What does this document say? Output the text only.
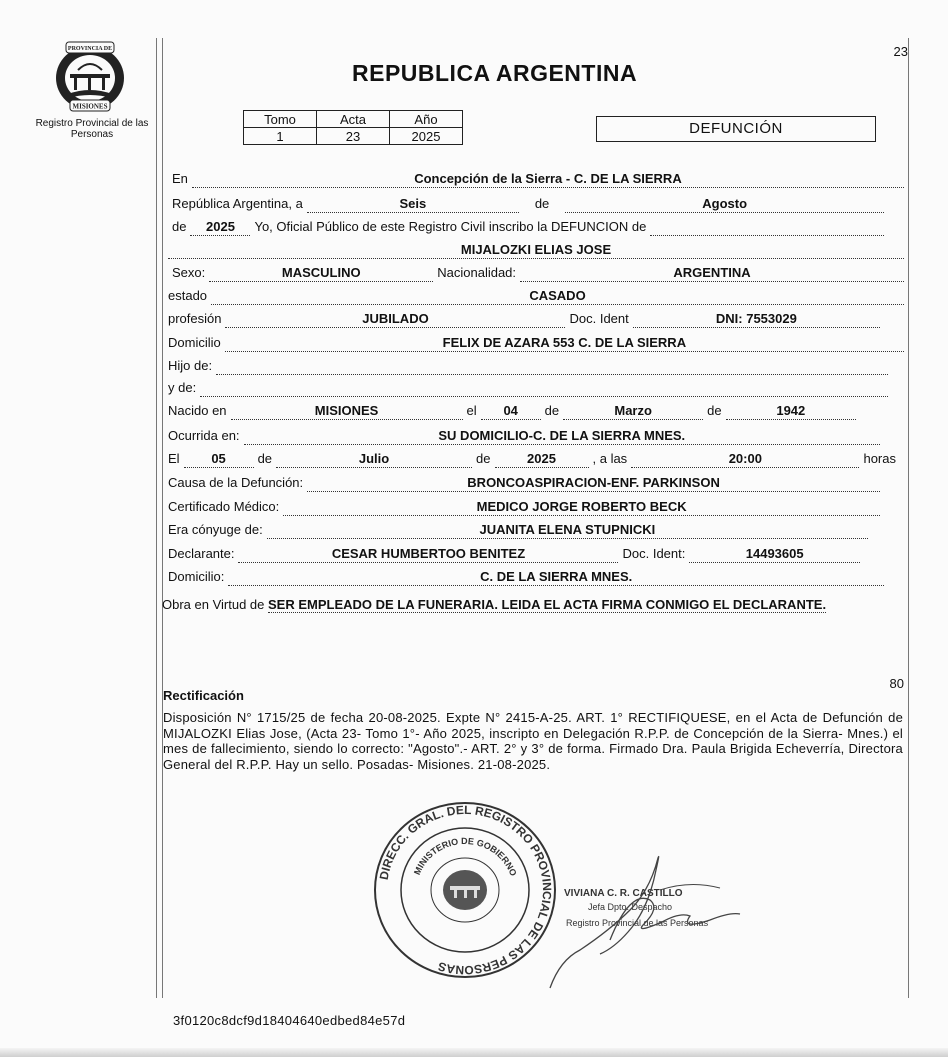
23
PROVINCIA DE
MISIONES
Registro Provincial de las Personas
REPUBLICA ARGENTINA
Tomo	Acta	Año
1	23	2025	DEFUNCIÓN
En	Concepción de la Sierra - C. DE LA SIERRA
República Argentina, a	Seis	de	Agosto
de	2025	Yo, Oficial Público de este Registro Civil inscribo la DEFUNCION de
MIJALOZKI ELIAS JOSE
Sexo:	MASCULINO	Nacionalidad:	ARGENTINA
estado	CASADO
profesión	JUBILADO	Doc. Ident	DNI: 7553029
Domicilio	FELIX DE AZARA 553 C. DE LA SIERRA
Hijo de:
y de:
Nacido en	MISIONES	el	04	de	Marzo	de	1942
Ocurrida en:	SU DOMICILIO-C. DE LA SIERRA MNES.
El	05	de	Julio	de	2025	, a las	20:00	horas
Causa de la Defunción:	BRONCOASPIRACION-ENF. PARKINSON
Certificado Médico:	MEDICO JORGE ROBERTO BECK
Era cónyuge de:	JUANITA ELENA STUPNICKI
Declarante:	CESAR HUMBERTOO BENITEZ	Doc. Ident:	14493605
Domicilio:	C. DE LA SIERRA MNES.
Obra en Virtud de SER EMPLEADO DE LA FUNERARIA. LEIDA EL ACTA FIRMA CONMIGO EL DECLARANTE.
80
Rectificación
Disposición N° 1715/25 de fecha 20-08-2025. Expte N° 2415-A-25. ART. 1° RECTIFIQUESE, en el Acta de Defunción de MIJALOZKI Elias Jose, (Acta 23- Tomo 1°- Año 2025, inscripto en Delegación R.P.P. de Concepción de la Sierra- Mnes.) el mes de fallecimiento, siendo lo correcto: "Agosto".- ART. 2° y 3° de forma. Firmado Dra. Paula Brigida Echeverría, Directora General del R.P.P. Hay un sello. Posadas- Misiones. 21-08-2025.
DIRECC. GRAL. DEL REGISTRO PROVINCIAL DE LAS PERSONAS
MINISTERIO DE GOBIERNO
VIVIANA C. R. CASTILLO
Jefa Dpto. Despacho
Registro Provincial de las Personas
3f0120c8dcf9d18404640edbed84e57d
